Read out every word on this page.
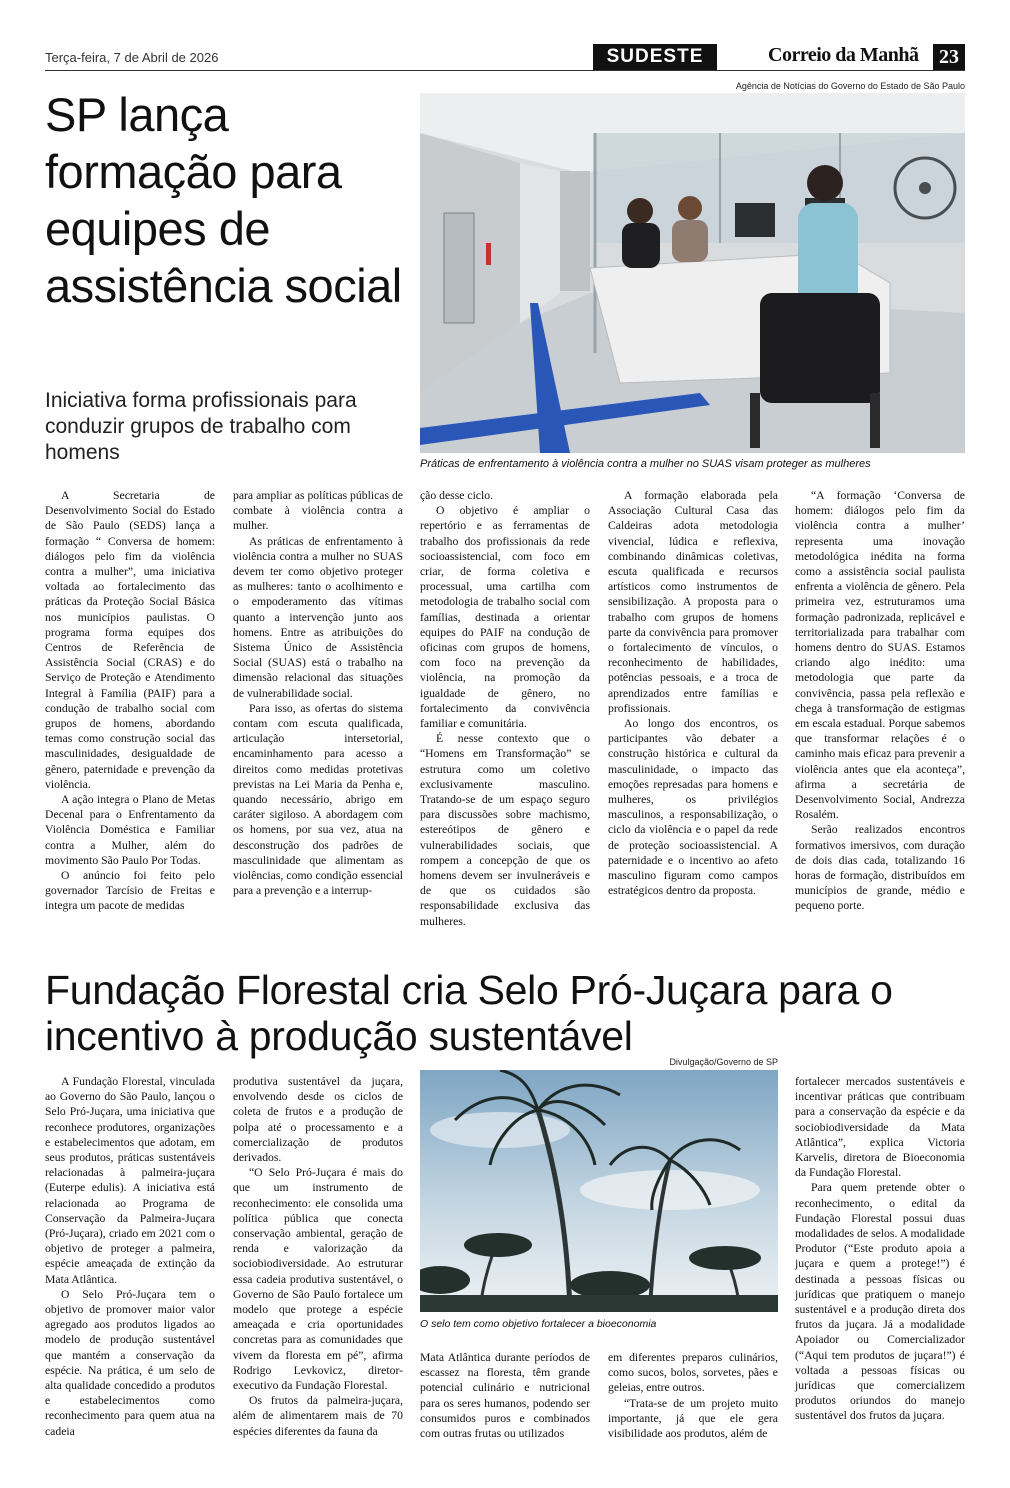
Terça-feira, 7 de Abril de 2026	SUDESTE	Correio da Manhã	23
SP lança formação para equipes de assistência social
Iniciativa forma profissionais para conduzir grupos de trabalho com homens
Agência de Notícias do Governo do Estado de São Paulo
Práticas de enfrentamento à violência contra a mulher no SUAS visam proteger as mulheres

A Secretaria de Desenvolvimento Social do Estado de São Paulo (SEDS) lança a formação “ Conversa de homem: diálogos pelo fim da violência contra a mulher”, uma iniciativa voltada ao fortalecimento das práticas da Proteção Social Básica nos municípios paulistas. O programa forma equipes dos Centros de Referência de Assistência Social (CRAS) e do Serviço de Proteção e Atendimento Integral à Família (PAIF) para a condução de trabalho social com grupos de homens, abordando temas como construção social das masculinidades, desigualdade de gênero, paternidade e prevenção da violência.

A ação integra o Plano de Metas Decenal para o Enfrentamento da Violência Doméstica e Familiar contra a Mulher, além do movimento São Paulo Por Todas.

O anúncio foi feito pelo governador Tarcísio de Freitas e integra um pacote de medidas

para ampliar as políticas públicas de combate à violência contra a mulher.

As práticas de enfrentamento à violência contra a mulher no SUAS devem ter como objetivo proteger as mulheres: tanto o acolhimento e o empoderamento das vítimas quanto a intervenção junto aos homens. Entre as atribuições do Sistema Único de Assistência Social (SUAS) está o trabalho na dimensão relacional das situações de vulnerabilidade social.

Para isso, as ofertas do sistema contam com escuta qualificada, articulação intersetorial, encaminhamento para acesso a direitos como medidas protetivas previstas na Lei Maria da Penha e, quando necessário, abrigo em caráter sigiloso. A abordagem com os homens, por sua vez, atua na desconstrução dos padrões de masculinidade que alimentam as violências, como condição essencial para a prevenção e a interrup-

ção desse ciclo.

O objetivo é ampliar o repertório e as ferramentas de trabalho dos profissionais da rede socioassistencial, com foco em criar, de forma coletiva e processual, uma cartilha com metodologia de trabalho social com famílias, destinada a orientar equipes do PAIF na condução de oficinas com grupos de homens, com foco na prevenção da violência, na promoção da igualdade de gênero, no fortalecimento da convivência familiar e comunitária.

É nesse contexto que o “Homens em Transformação” se estrutura como um coletivo exclusivamente masculino. Tratando-se de um espaço seguro para discussões sobre machismo, estereótipos de gênero e vulnerabilidades sociais, que rompem a concepção de que os homens devem ser invulneráveis e de que os cuidados são responsabilidade exclusiva das mulheres.

A formação elaborada pela Associação Cultural Casa das Caldeiras adota metodologia vivencial, lúdica e reflexiva, combinando dinâmicas coletivas, escuta qualificada e recursos artísticos como instrumentos de sensibilização. A proposta para o trabalho com grupos de homens parte da convivência para promover o fortalecimento de vínculos, o reconhecimento de habilidades, potências pessoais, e a troca de aprendizados entre famílias e profissionais.

Ao longo dos encontros, os participantes vão debater a construção histórica e cultural da masculinidade, o impacto das emoções represadas para homens e mulheres, os privilégios masculinos, a responsabilização, o ciclo da violência e o papel da rede de proteção socioassistencial. A paternidade e o incentivo ao afeto masculino figuram como campos estratégicos dentro da proposta.

“A formação ‘Conversa de homem: diálogos pelo fim da violência contra a mulher’ representa uma inovação metodológica inédita na forma como a assistência social paulista enfrenta a violência de gênero. Pela primeira vez, estruturamos uma formação padronizada, replicável e territorializada para trabalhar com homens dentro do SUAS. Estamos criando algo inédito: uma metodologia que parte da convivência, passa pela reflexão e chega à transformação de estigmas em escala estadual. Porque sabemos que transformar relações é o caminho mais eficaz para prevenir a violência antes que ela aconteça”, afirma a secretária de Desenvolvimento Social, Andrezza Rosalém.

Serão realizados encontros formativos imersivos, com duração de dois dias cada, totalizando 16 horas de formação, distribuídos em municípios de grande, médio e pequeno porte.

Fundação Florestal cria Selo Pró-Juçara para o incentivo à produção sustentável
Divulgação/Governo de SP
O selo tem como objetivo fortalecer a bioeconomia

A Fundação Florestal, vinculada ao Governo do São Paulo, lançou o Selo Pró-Juçara, uma iniciativa que reconhece produtores, organizações e estabelecimentos que adotam, em seus produtos, práticas sustentáveis relacionadas à palmeira-juçara (Euterpe edulis). A iniciativa está relacionada ao Programa de Conservação da Palmeira-Juçara (Pró-Juçara), criado em 2021 com o objetivo de proteger a palmeira, espécie ameaçada de extinção da Mata Atlântica.

O Selo Pró-Juçara tem o objetivo de promover maior valor agregado aos produtos ligados ao modelo de produção sustentável que mantém a conservação da espécie. Na prática, é um selo de alta qualidade concedido a produtos e estabelecimentos como reconhecimento para quem atua na cadeia

produtiva sustentável da juçara, envolvendo desde os ciclos de coleta de frutos e a produção de polpa até o processamento e a comercialização de produtos derivados.

“O Selo Pró-Juçara é mais do que um instrumento de reconhecimento: ele consolida uma política pública que conecta conservação ambiental, geração de renda e valorização da sociobiodiversidade. Ao estruturar essa cadeia produtiva sustentável, o Governo de São Paulo fortalece um modelo que protege a espécie ameaçada e cria oportunidades concretas para as comunidades que vivem da floresta em pé”, afirma Rodrigo Levkovicz, diretor-executivo da Fundação Florestal.

Os frutos da palmeira-juçara, além de alimentarem mais de 70 espécies diferentes da fauna da

Mata Atlântica durante períodos de escassez na floresta, têm grande potencial culinário e nutricional para os seres humanos, podendo ser consumidos puros e combinados com outras frutas ou utilizados

em diferentes preparos culinários, como sucos, bolos, sorvetes, pães e geleias, entre outros.

“Trata-se de um projeto muito importante, já que ele gera visibilidade aos produtos, além de

fortalecer mercados sustentáveis e incentivar práticas que contribuam para a conservação da espécie e da sociobiodiversidade da Mata Atlântica”, explica Victoria Karvelis, diretora de Bioeconomia da Fundação Florestal.

Para quem pretende obter o reconhecimento, o edital da Fundação Florestal possui duas modalidades de selos. A modalidade Produtor (“Este produto apoia a juçara e quem a protege!”) é destinada a pessoas físicas ou jurídicas que pratiquem o manejo sustentável e a produção direta dos frutos da juçara. Já a modalidade Apoiador ou Comercializador (“Aqui tem produtos de juçara!”) é voltada a pessoas físicas ou jurídicas que comercializem produtos oriundos do manejo sustentável dos frutos da juçara.
